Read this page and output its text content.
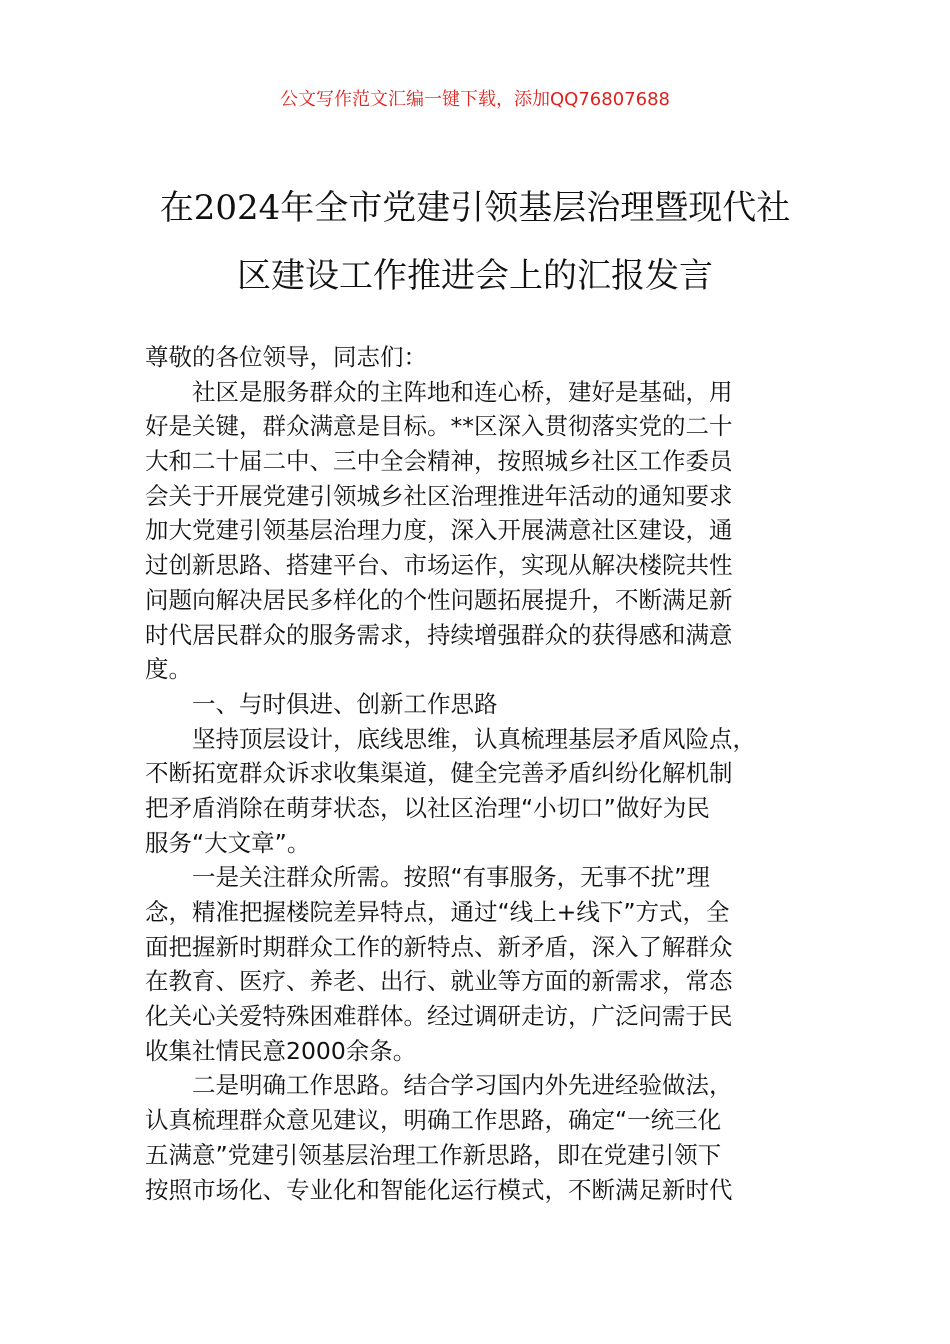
公文写作范文汇编一键下载，添加QQ76807688
在2024年全市党建引领基层治理暨现代社
区建设工作推进会上的汇报发言
尊敬的各位领导，同志们：
　　社区是服务群众的主阵地和连心桥，建好是基础，用
好是关键，群众满意是目标。**区深入贯彻落实党的二十
大和二十届二中、三中全会精神，按照城乡社区工作委员
会关于开展党建引领城乡社区治理推进年活动的通知要求
加大党建引领基层治理力度，深入开展满意社区建设，通
过创新思路、搭建平台、市场运作，实现从解决楼院共性
问题向解决居民多样化的个性问题拓展提升，不断满足新
时代居民群众的服务需求，持续增强群众的获得感和满意
度。
　　一、与时俱进、创新工作思路
　　坚持顶层设计，底线思维，认真梳理基层矛盾风险点，
不断拓宽群众诉求收集渠道，健全完善矛盾纠纷化解机制
把矛盾消除在萌芽状态，以社区治理“小切口”做好为民
服务“大文章”。
　　一是关注群众所需。按照“有事服务，无事不扰”理
念，精准把握楼院差异特点，通过“线上+线下”方式，全
面把握新时期群众工作的新特点、新矛盾，深入了解群众
在教育、医疗、养老、出行、就业等方面的新需求，常态
化关心关爱特殊困难群体。经过调研走访，广泛问需于民
收集社情民意2000余条。
　　二是明确工作思路。结合学习国内外先进经验做法，
认真梳理群众意见建议，明确工作思路，确定“一统三化
五满意”党建引领基层治理工作新思路，即在党建引领下
按照市场化、专业化和智能化运行模式，不断满足新时代
